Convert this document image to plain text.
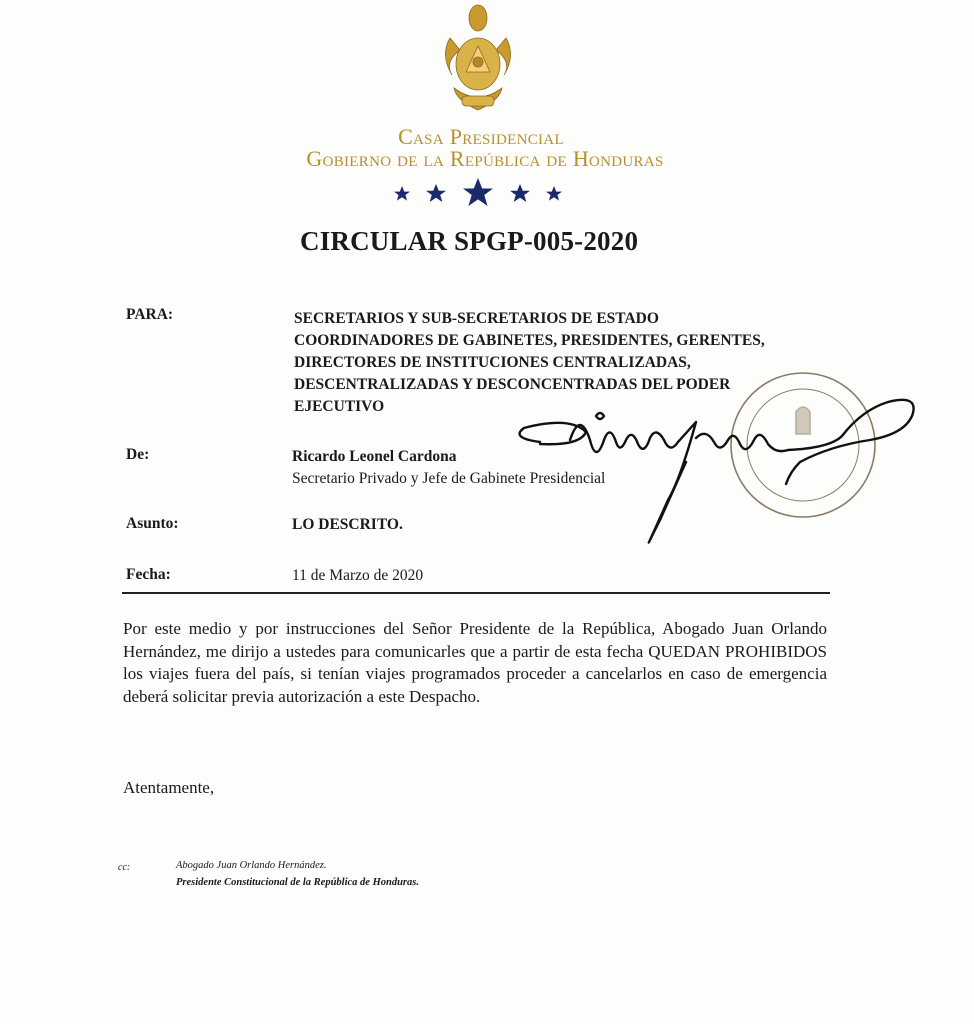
Casa Presidencial
Gobierno de la República de Honduras
CIRCULAR SPGP-005-2020
PARA:	SECRETARIOS Y SUB-SECRETARIOS DE ESTADO
COORDINADORES DE GABINETES, PRESIDENTES, GERENTES,
DIRECTORES DE INSTITUCIONES CENTRALIZADAS,
DESCENTRALIZADAS Y DESCONCENTRADAS DEL PODER
EJECUTIVO
De:	Ricardo Leonel Cardona
Secretario Privado y Jefe de Gabinete Presidencial
Asunto:	LO DESCRITO.
Fecha:	11 de Marzo de 2020
Por este medio y por instrucciones del Señor Presidente de la República, Abogado Juan Orlando Hernández, me dirijo a ustedes para comunicarles que a partir de esta fecha QUEDAN PROHIBIDOS los viajes fuera del país, si tenían viajes programados proceder a cancelarlos en caso de emergencia deberá solicitar previa autorización a este Despacho.
Atentamente,
cc:	Abogado Juan Orlando Hernández.
Presidente Constitucional de la República de Honduras.
